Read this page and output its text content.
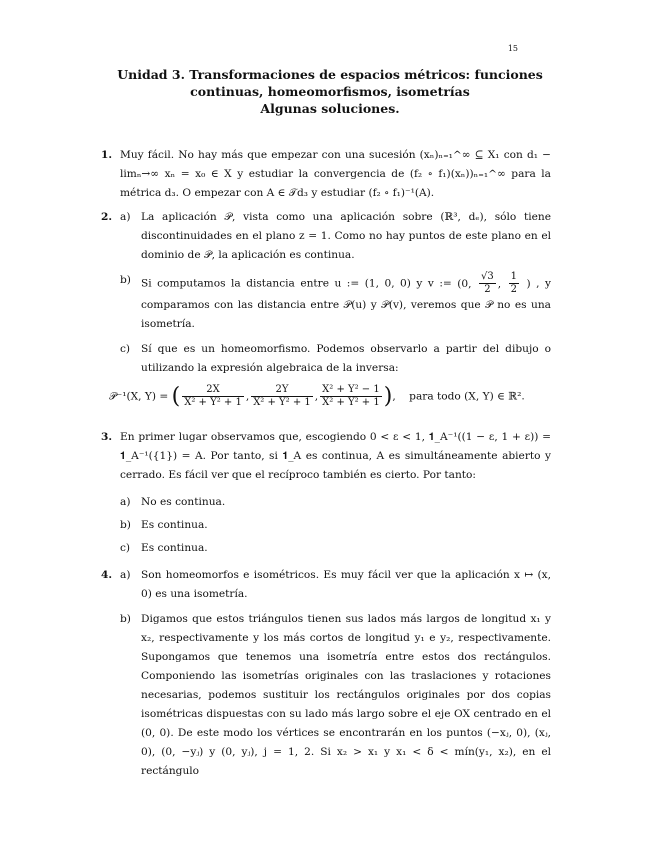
15
Unidad 3. Transformaciones de espacios métricos: funciones
continuas, homeomorfismos, isometrías
Algunas soluciones.
1. Muy fácil. No hay más que empezar con una sucesión (xₙ)ₙ₌₁^∞ ⊆ X₁ con d₁ − limₙ→∞ xₙ = x₀ ∈ X y estudiar la convergencia de (f₂ ∘ f₁)(xₙ))ₙ₌₁^∞ para la métrica d₃. O empezar con A ∈ 𝒯d₃ y estudiar (f₂ ∘ f₁)⁻¹(A).
2. a) La aplicación 𝒫, vista como una aplicación sobre (ℝ³, dₑ), sólo tiene discontinuidades en el plano z = 1. Como no hay puntos de este plano en el dominio de 𝒫, la aplicación es continua.
b) Si computamos la distancia entre u := (1, 0, 0) y v := (0, $\frac{√3}{2}$ , $\frac{1}{2}$ ) , y comparamos con las distancia entre 𝒫(u) y 𝒫(v), veremos que 𝒫 no es una isometría.
c) Sí que es un homeomorfismo. Podemos observarlo a partir del dibujo o utilizando la expresión algebraica de la inversa:
𝒫⁻¹(X, Y) = ( $\frac{2X}{\text{X² + Y² + 1}}$ , $\frac{2Y}{\text{X² + Y² + 1}}$ , $\frac{\text{X² + Y² − 1}}{\text{X² + Y² + 1}}$ ),    para todo (X, Y) ∈ ℝ².
3. En primer lugar observamos que, escogiendo 0 < ε < 1, 𝟏_A⁻¹((1 − ε, 1 + ε)) = 𝟏_A⁻¹({1}) = A. Por tanto, si 𝟏_A es continua, A es simultáneamente abierto y cerrado. Es fácil ver que el recíproco también es cierto. Por tanto:
a) No es continua.
b) Es continua.
c) Es continua.
4. a) Son homeomorfos e isométricos. Es muy fácil ver que la aplicación x ↦ (x, 0) es una isometría.
b) Digamos que estos triángulos tienen sus lados más largos de longitud x₁ y x₂, respectivamente y los más cortos de longitud y₁ e y₂, respectivamente. Supongamos que tenemos una isometría entre estos dos rectángulos. Componiendo las isometrías originales con las traslaciones y rotaciones necesarias, podemos sustituir los rectángulos originales por dos copias isométricas dispuestas con su lado más largo sobre el eje OX centrado en el (0, 0). De este modo los vértices se encontrarán en los puntos (−xⱼ, 0), (xⱼ, 0), (0, −yⱼ) y (0, yⱼ), j = 1, 2. Si x₂ > x₁ y x₁ < δ < mín(y₁, x₂), en el rectángulo
